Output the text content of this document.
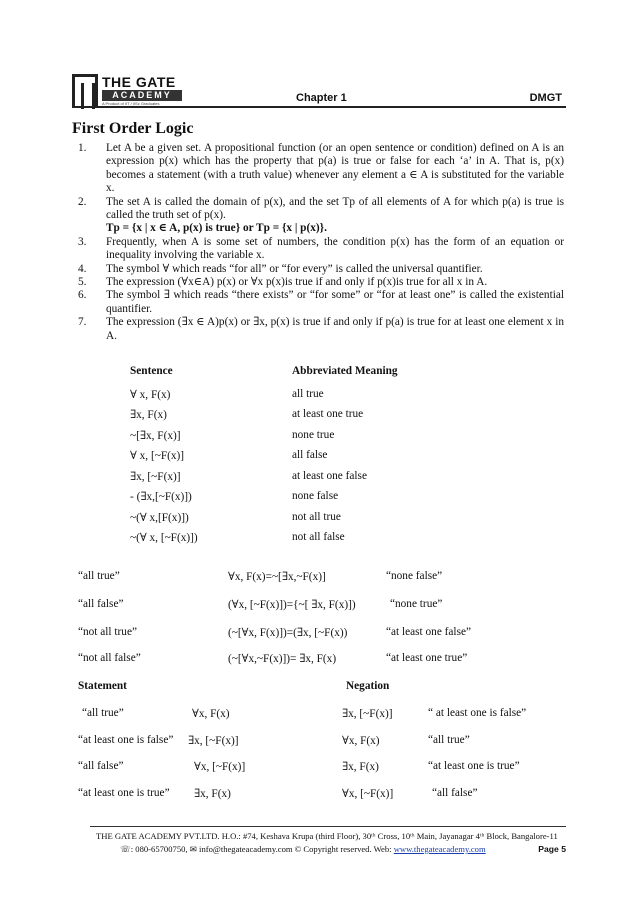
THE GATE
ACADEMY
A Product of IIT / IISc Graduates	Chapter 1	DMGT
First Order Logic
1.	Let A be a given set. A propositional function (or an open sentence or condition) defined on A is an expression p(x) which has the property that p(a) is true or false for each ‘a’ in A. That is, p(x) becomes a statement (with a truth value) whenever any element a ∈ A is substituted for the variable x.
2.	The set A is called the domain of p(x), and the set Tp of all elements of A for which p(a) is true is called the truth set of p(x).
Tp = {x | x ∈ A, p(x) is true} or Tp = {x | p(x)}.
3.	Frequently, when A is some set of numbers, the condition p(x) has the form of an equation or inequality involving the variable x.
4.	The symbol ∀ which reads “for all” or “for every” is called the universal quantifier.
5.	The expression (∀x∈A) p(x) or ∀x p(x)is true if and only if p(x)is true for all x in A.
6.	The symbol ∃ which reads “there exists” or “for some” or “for at least one” is called the existential quantifier.
7.	The expression (∃x ∈ A)p(x) or ∃x, p(x) is true if and only if p(a) is true for at least one element x in A.
Sentence	Abbreviated Meaning
∀ x, F(x)	all true
∃x, F(x)	at least one true
~[∃x, F(x)]	none true
∀ x, [~F(x)]	all false
∃x, [~F(x)]	at least one false
- (∃x,[~F(x)])	none false
~(∀ x,[F(x)])	not all true
~(∀ x, [~F(x)])	not all false
“all true”	∀x, F(x)=~[∃x,~F(x)]	“none false”
“all false”	(∀x, [~F(x)])={~[ ∃x, F(x)])	“none true”
“not all true”	(~[∀x, F(x)])=(∃x, [~F(x))	“at least one false”
“not all false”	(~[∀x,~F(x)])= ∃x, F(x)	“at least one true”
Statement	Negation
“all true”	∀x, F(x)	∃x, [~F(x)]	“ at least one is false”
“at least one is false” ∃x, [~F(x)]	∀x, F(x)	“all true”
“all false”	∀x, [~F(x)]	∃x, F(x)	“at least one is true”
“at least one is true” ∃x, F(x)	∀x, [~F(x)]	“all false”
THE GATE ACADEMY PVT.LTD. H.O.: #74, Keshava Krupa (third Floor), 30ᵗʰ Cross, 10ᵗʰ Main, Jayanagar 4ᵗʰ Block, Bangalore-11
☏: 080-65700750, ✉ info@thegateacademy.com © Copyright reserved. Web: www.thegateacademy.com	Page 5
